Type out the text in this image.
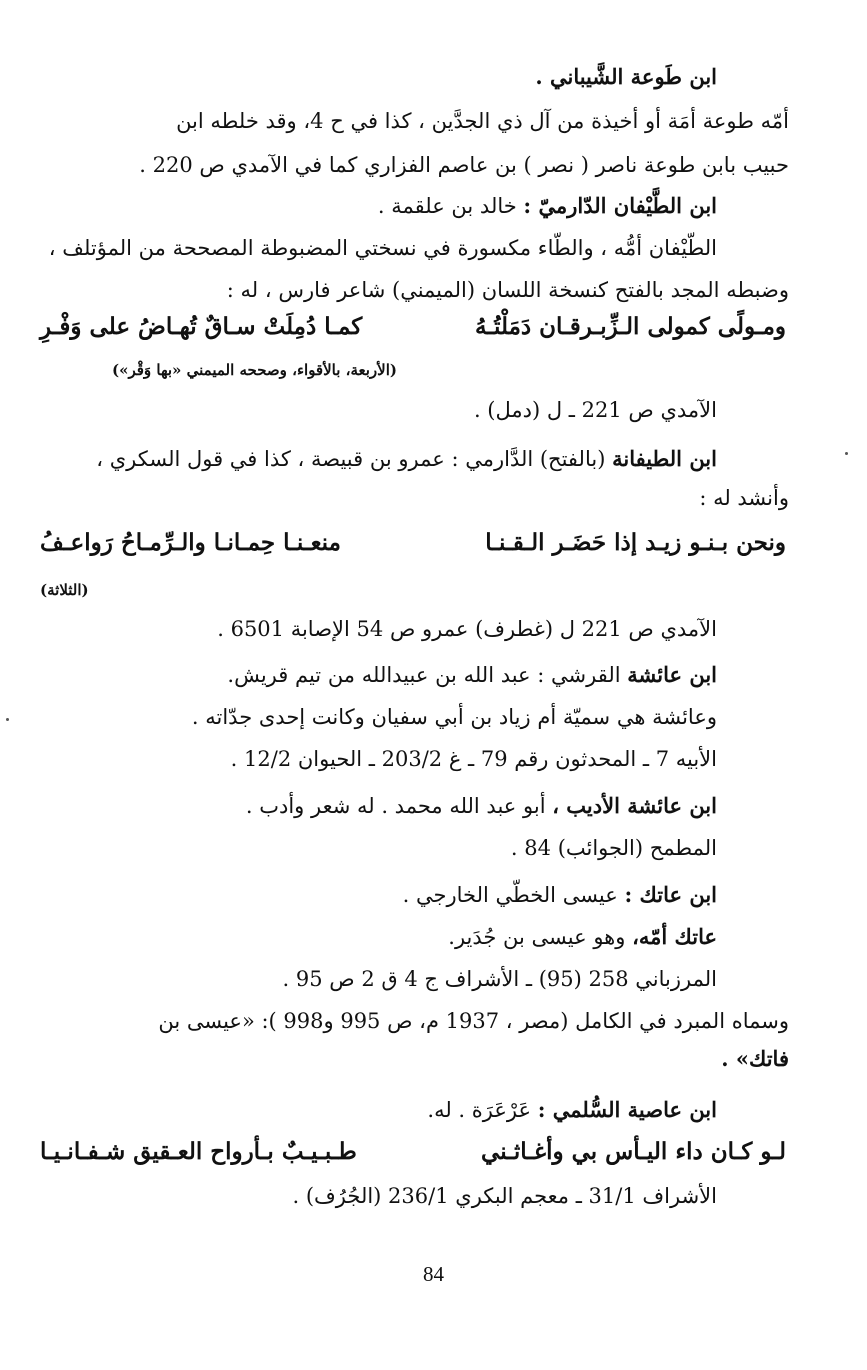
ابن طَوعة الشَّيباني .
أمّه طوعة أمَة أو أخيذة من آل ذي الجدَّين ، كذا في ح 4، وقد خلطه ابن
حبيب بابن طوعة ناصر ( نصر ) بن عاصم الفزاري كما في الآمدي ص 220 .
ابن الطَّيْفان الدّارميّ : خالد بن علقمة .
الطّيْفان أمُّه ، والطّاء مكسورة في نسختي المضبوطة المصححة من المؤتلف ،
وضبطه المجد بالفتح كنسخة اللسان (الميمني) شاعر فارس ، له :
ومـولًى كمولى الـزِّبـرقـان دَمَلْتُـهُ
كمـا دُمِلَتْ سـاقٌ تُهـاضُ على وَفْـرِ
(الأربعة، بالأقواء، وصححه الميمني «بها وَقْر»)
الآمدي ص 221 ـ ل (دمل) .
ابن الطيفانة (بالفتح) الدَّارمي : عمرو بن قبيصة ، كذا في قول السكري ،
وأنشد له :
ونحن بـنـو زيـد إذا حَضَـر الـقـنـا
منعـنـا حِمـانـا والـرِّمـاحُ رَواعـفُ
(الثلاثة)
الآمدي ص 221 ل (غطرف) عمرو ص 54 الإصابة 6501 .
ابن عائشة القرشي : عبد الله بن عبيدالله من تيم قريش.
وعائشة هي سميّة أم زياد بن أبي سفيان وكانت إحدى جدّاته .
الأبيه 7 ـ المحدثون رقم 79 ـ غ 203/2 ـ الحيوان 12/2 .
ابن عائشة الأديب ، أبو عبد الله محمد . له شعر وأدب .
المطمح (الجوائب) 84 .
ابن عاتك : عيسى الخطّي الخارجي .
عاتك أمّه، وهو عيسى بن جُدَير.
المرزباني 258 (95) ـ الأشراف ج 4 ق 2 ص 95 .
وسماه المبرد في الكامل (مصر ، 1937 م، ص 995 و998 ): «عيسى بن
فاتك» .
ابن عاصية السُّلمي : عَرْعَرَة . له.
لـو كـان داء اليـأس بي وأغـاثـني
طـبـيـبٌ بـأرواح العـقيق شـفـانـيـا
الأشراف 31/1 ـ معجم البكري 236/1 (الجُرُف) .
84
